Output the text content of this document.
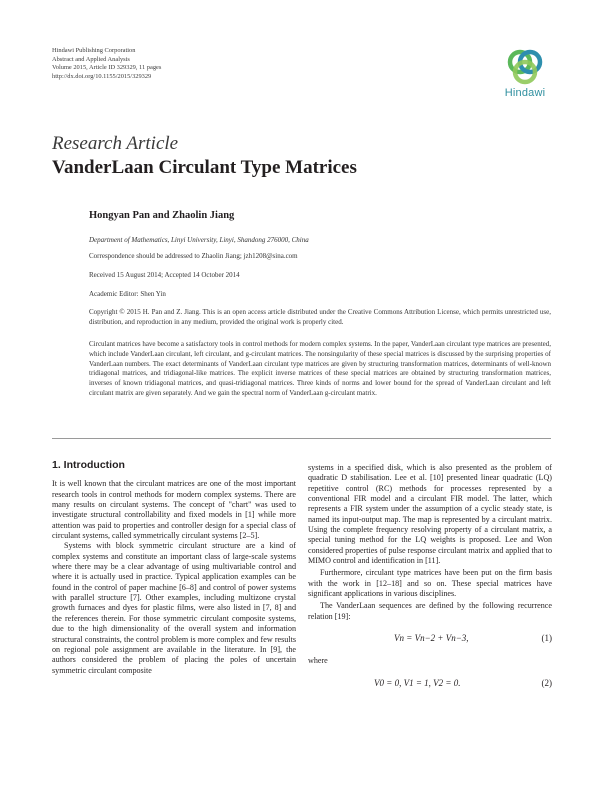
Hindawi Publishing Corporation
Abstract and Applied Analysis
Volume 2015, Article ID 329329, 11 pages
http://dx.doi.org/10.1155/2015/329329
Hindawi
Research Article
VanderLaan Circulant Type Matrices
Hongyan Pan and Zhaolin Jiang
Department of Mathematics, Linyi University, Linyi, Shandong 276000, China
Correspondence should be addressed to Zhaolin Jiang; jzh1208@sina.com
Received 15 August 2014; Accepted 14 October 2014
Academic Editor: Shen Yin
Copyright © 2015 H. Pan and Z. Jiang. This is an open access article distributed under the Creative Commons Attribution License, which permits unrestricted use, distribution, and reproduction in any medium, provided the original work is properly cited.
Circulant matrices have become a satisfactory tools in control methods for modern complex systems. In the paper, VanderLaan circulant type matrices are presented, which include VanderLaan circulant, left circulant, and g-circulant matrices. The nonsingularity of these special matrices is discussed by the surprising properties of VanderLaan numbers. The exact determinants of VanderLaan circulant type matrices are given by structuring transformation matrices, determinants of well-known tridiagonal matrices, and tridiagonal-like matrices. The explicit inverse matrices of these special matrices are obtained by structuring transformation matrices, inverses of known tridiagonal matrices, and quasi-tridiagonal matrices. Three kinds of norms and lower bound for the spread of VanderLaan circulant and left circulant matrix are given separately. And we gain the spectral norm of VanderLaan g-circulant matrix.
1. Introduction

It is well known that the circulant matrices are one of the most important research tools in control methods for modern complex systems. There are many results on circulant systems. The concept of "chart" was used to investigate structural controllability and fixed models in [1] while more attention was paid to properties and controller design for a special class of circulant systems, called symmetrically circulant systems [2–5].

Systems with block symmetric circulant structure are a kind of complex systems and constitute an important class of large-scale systems where there may be a clear advantage of using multivariable control and where it is actually used in practice. Typical application examples can be found in the control of paper machine [6–8] and control of power systems with parallel structure [7]. Other examples, including multizone crystal growth furnaces and dyes for plastic films, were also listed in [7, 8] and the references therein. For those symmetric circulant composite systems, due to the high dimensionality of the overall system and information structural constraints, the control problem is more complex and few results on regional pole assignment are available in the literature. In [9], the authors considered the problem of placing the poles of uncertain symmetric circulant composite

systems in a specified disk, which is also presented as the problem of quadratic D stabilisation. Lee et al. [10] presented linear quadratic (LQ) repetitive control (RC) methods for processes represented by a conventional FIR model and a circulant FIR model. The latter, which represents a FIR system under the assumption of a cyclic steady state, is named its input-output map. The map is represented by a circulant matrix. Using the complete frequency resolving property of a circulant matrix, a special tuning method for the LQ weights is proposed. Lee and Won considered properties of pulse response circulant matrix and applied that to MIMO control and identification in [11].

Furthermore, circulant type matrices have been put on the firm basis with the work in [12–18] and so on. These special matrices have significant applications in various disciplines.

The VanderLaan sequences are defined by the following recurrence relation [19]:

Vn = Vn−2 + Vn−3,	(1)

where

V0 = 0, V1 = 1, V2 = 0.	(2)
